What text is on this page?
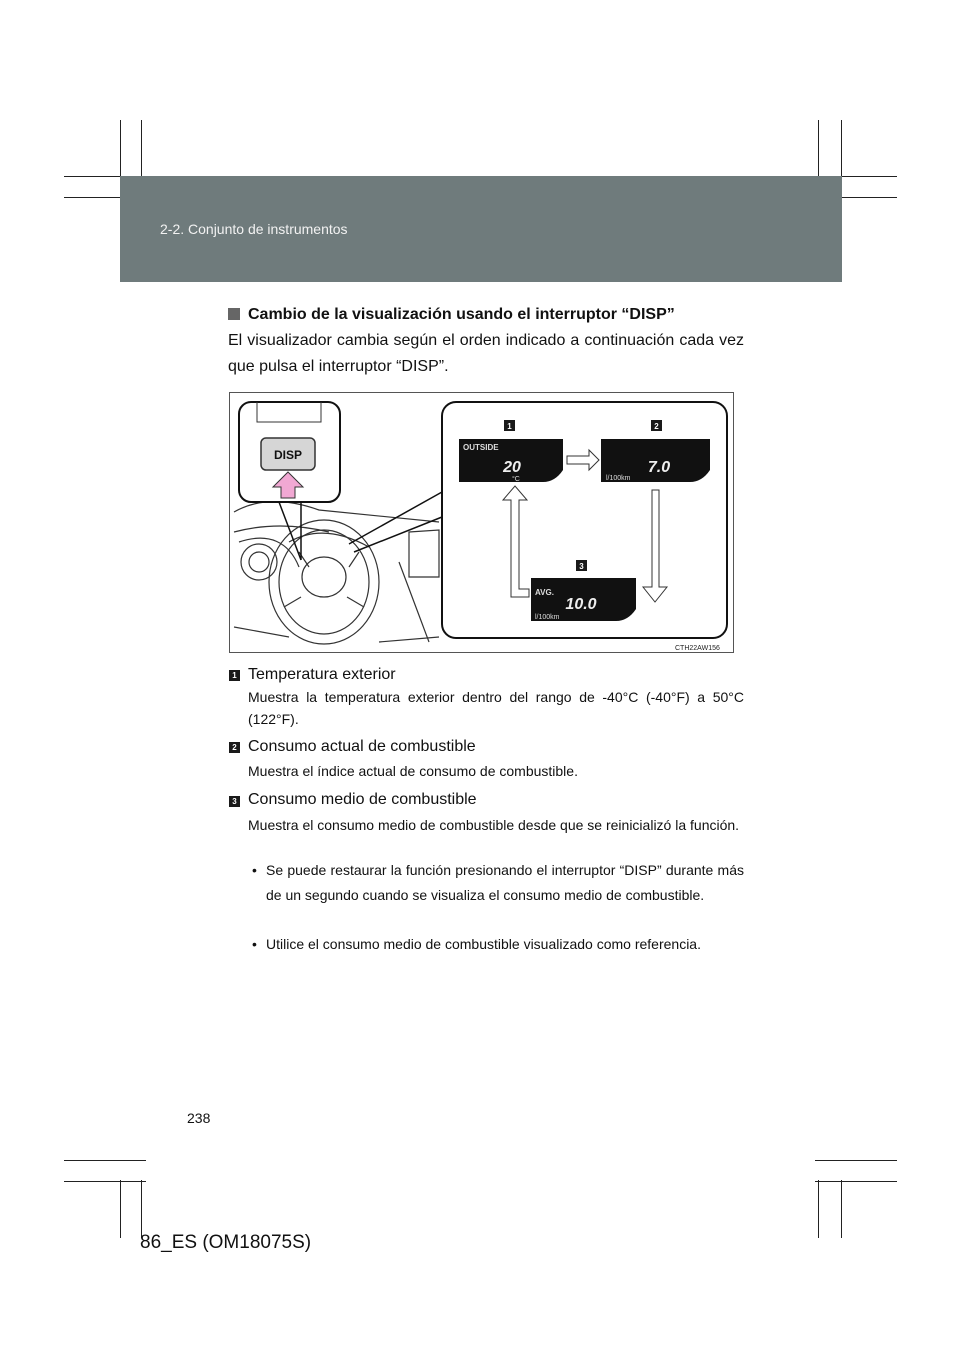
2-2. Conjunto de instrumentos
Cambio de la visualización usando el interruptor “DISP”
El visualizador cambia según el orden indicado a continuación cada vez que pulsa el interruptor “DISP”.
DISP
1
OUTSIDE
20
°C
2
7.0
l/100km
3
AVG.
10.0
l/100km
CTH22AW156
1 Temperatura exterior
Muestra la temperatura exterior dentro del rango de -40°C (-40°F) a 50°C (122°F).
2 Consumo actual de combustible
Muestra el índice actual de consumo de combustible.
3 Consumo medio de combustible
Muestra el consumo medio de combustible desde que se reinicializó la función.
• Se puede restaurar la función presionando el interruptor “DISP” durante más de un segundo cuando se visualiza el consumo medio de combustible.
• Utilice el consumo medio de combustible visualizado como referencia.
238
86_ES (OM18075S)
